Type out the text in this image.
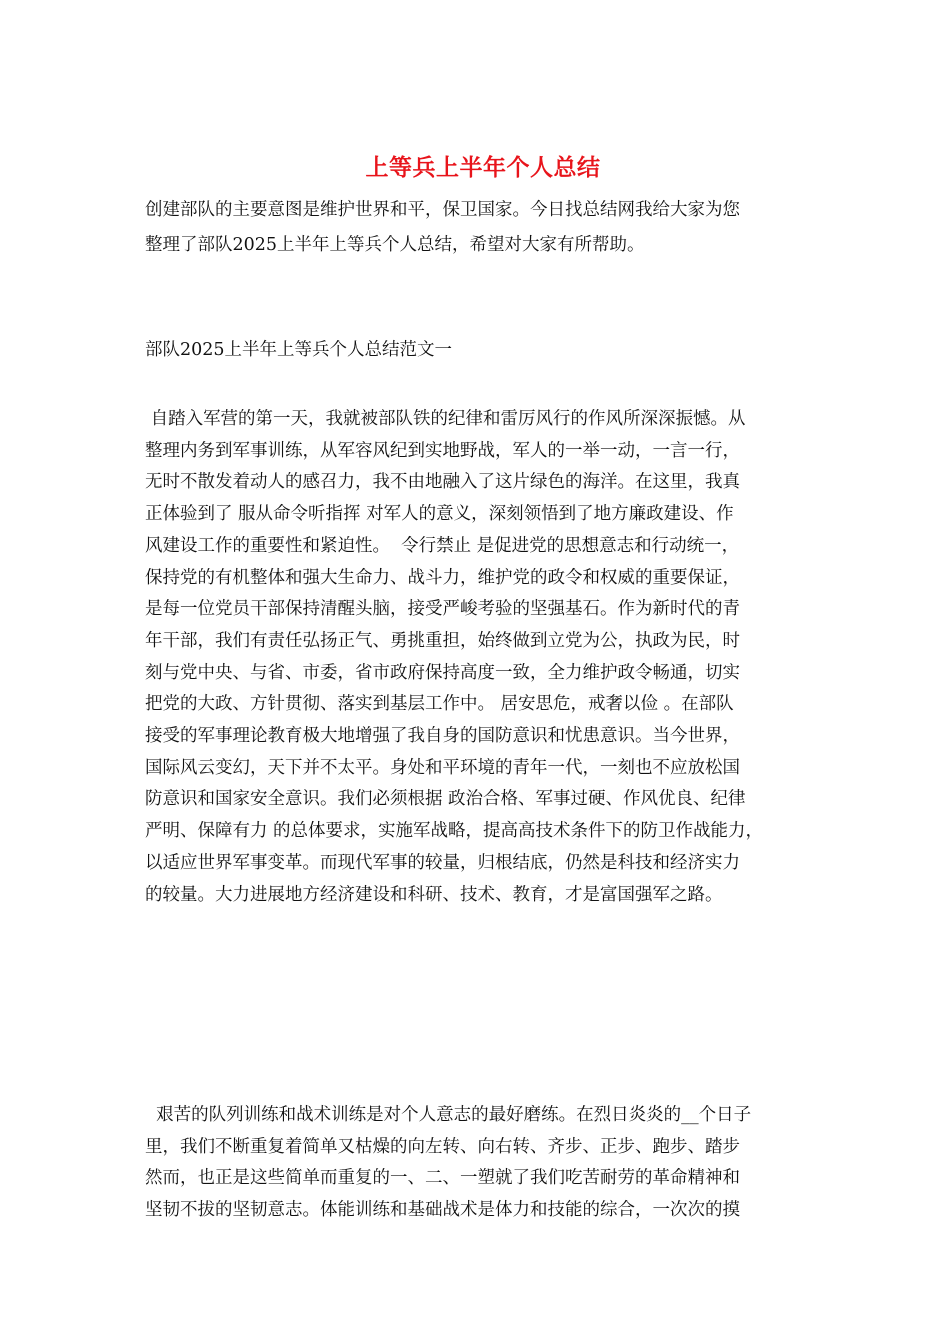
上等兵上半年个人总结
创建部队的主要意图是维护世界和平，保卫国家。今日找总结网我给大家为您
整理了部队2025上半年上等兵个人总结，希望对大家有所帮助。
部队2025上半年上等兵个人总结范文一
自踏入军营的第一天，我就被部队铁的纪律和雷厉风行的作风所深深振憾。从
整理内务到军事训练，从军容风纪到实地野战，军人的一举一动，一言一行，
无时不散发着动人的感召力，我不由地融入了这片绿色的海洋。在这里，我真
正体验到了 服从命令听指挥 对军人的意义，深刻领悟到了地方廉政建设、作
风建设工作的重要性和紧迫性。  令行禁止 是促进党的思想意志和行动统一，
保持党的有机整体和强大生命力、战斗力，维护党的政令和权威的重要保证，
是每一位党员干部保持清醒头脑，接受严峻考验的坚强基石。作为新时代的青
年干部，我们有责任弘扬正气、勇挑重担，始终做到立党为公，执政为民，时
刻与党中央、与省、市委，省市政府保持高度一致，全力维护政令畅通，切实
把党的大政、方针贯彻、落实到基层工作中。 居安思危，戒奢以俭 。在部队
接受的军事理论教育极大地增强了我自身的国防意识和忧患意识。当今世界，
国际风云变幻，天下并不太平。身处和平环境的青年一代，一刻也不应放松国
防意识和国家安全意识。我们必须根据 政治合格、军事过硬、作风优良、纪律
严明、保障有力 的总体要求，实施军战略，提高高技术条件下的防卫作战能力，
以适应世界军事变革。而现代军事的较量，归根结底，仍然是科技和经济实力
的较量。大力进展地方经济建设和科研、技术、教育，才是富国强军之路。
艰苦的队列训练和战术训练是对个人意志的最好磨练。在烈日炎炎的__个日子
里，我们不断重复着简单又枯燥的向左转、向右转、齐步、正步、跑步、踏步
然而，也正是这些简单而重复的一、二、一塑就了我们吃苦耐劳的革命精神和
坚韧不拔的坚韧意志。体能训练和基础战术是体力和技能的综合，一次次的摸
